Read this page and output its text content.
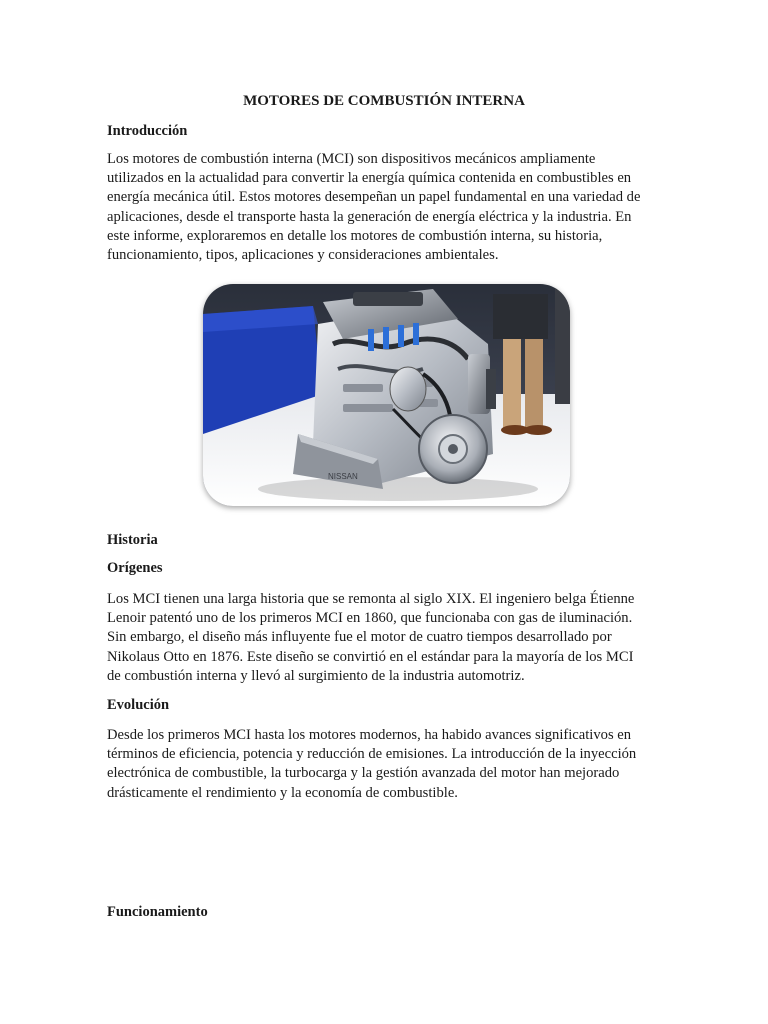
MOTORES DE COMBUSTIÓN INTERNA
Introducción
Los motores de combustión interna (MCI) son dispositivos mecánicos ampliamente
utilizados en la actualidad para convertir la energía química contenida en combustibles en
energía mecánica útil. Estos motores desempeñan un papel fundamental en una variedad de
aplicaciones, desde el transporte hasta la generación de energía eléctrica y la industria. En
este informe, exploraremos en detalle los motores de combustión interna, su historia,
funcionamiento, tipos, aplicaciones y consideraciones ambientales.
NISSAN
Historia
Orígenes
Los MCI tienen una larga historia que se remonta al siglo XIX. El ingeniero belga Étienne
Lenoir patentó uno de los primeros MCI en 1860, que funcionaba con gas de iluminación.
Sin embargo, el diseño más influyente fue el motor de cuatro tiempos desarrollado por
Nikolaus Otto en 1876. Este diseño se convirtió en el estándar para la mayoría de los MCI
de combustión interna y llevó al surgimiento de la industria automotriz.
Evolución
Desde los primeros MCI hasta los motores modernos, ha habido avances significativos en
términos de eficiencia, potencia y reducción de emisiones. La introducción de la inyección
electrónica de combustible, la turbocarga y la gestión avanzada del motor han mejorado
drásticamente el rendimiento y la economía de combustible.
Funcionamiento
